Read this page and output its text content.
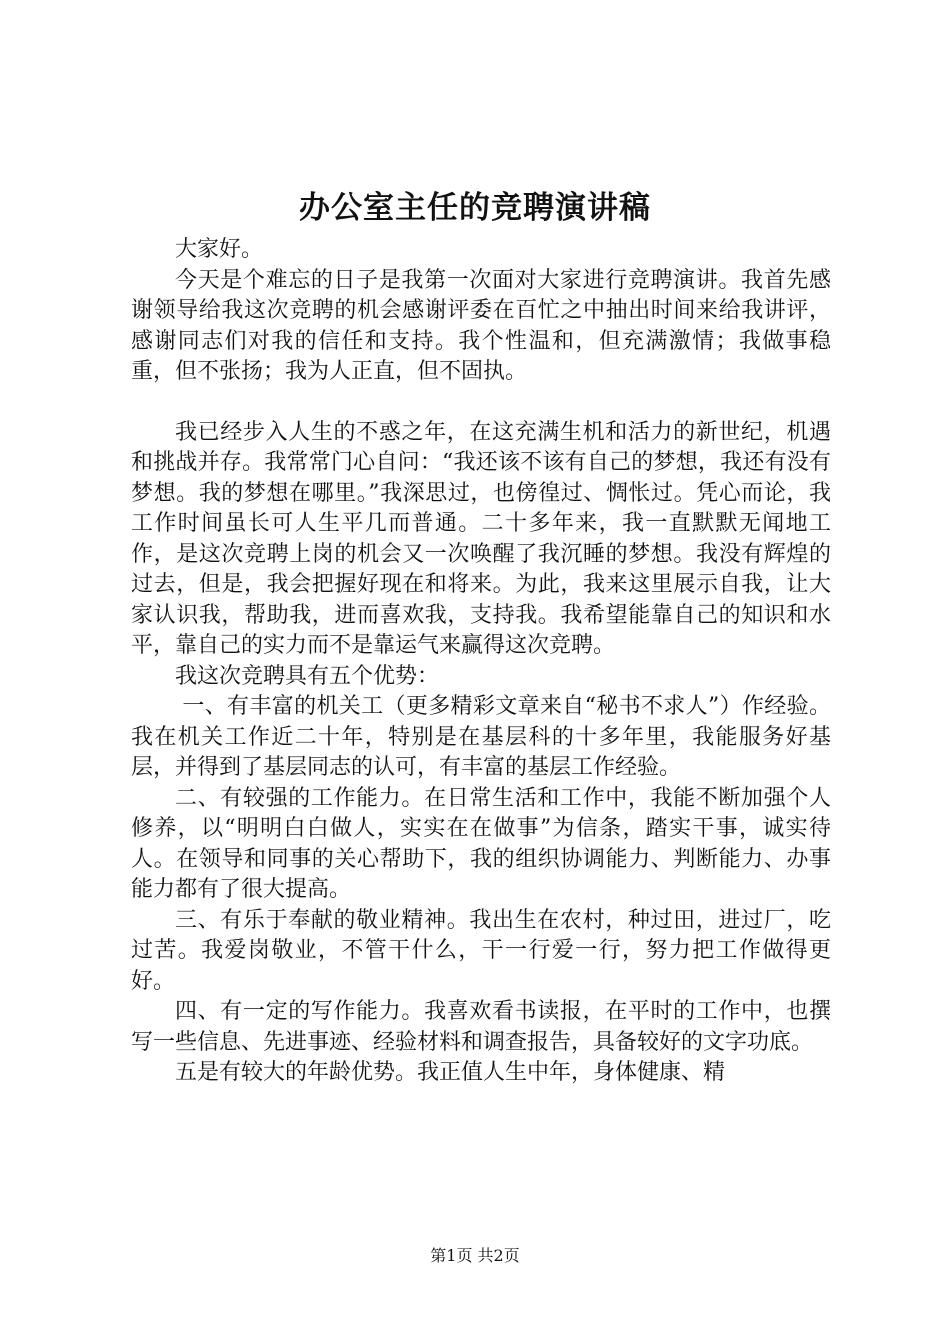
办公室主任的竞聘演讲稿

大家好。

今天是个难忘的日子是我第一次面对大家进行竞聘演讲。我首先感谢领导给我这次竞聘的机会感谢评委在百忙之中抽出时间来给我讲评，感谢同志们对我的信任和支持。我个性温和，但充满激情；我做事稳重，但不张扬；我为人正直，但不固执。

我已经步入人生的不惑之年，在这充满生机和活力的新世纪，机遇和挑战并存。我常常门心自问：“我还该不该有自己的梦想，我还有没有梦想。我的梦想在哪里。”我深思过，也傍徨过、惆怅过。凭心而论，我工作时间虽长可人生平几而普通。二十多年来，我一直默默无闻地工作，是这次竞聘上岗的机会又一次唤醒了我沉睡的梦想。我没有辉煌的过去，但是，我会把握好现在和将来。为此，我来这里展示自我，让大家认识我，帮助我，进而喜欢我，支持我。我希望能靠自己的知识和水平，靠自己的实力而不是靠运气来赢得这次竞聘。

我这次竞聘具有五个优势：

一、有丰富的机关工（更多精彩文章来自“秘书不求人”）作经验。我在机关工作近二十年，特别是在基层科的十多年里，我能服务好基层，并得到了基层同志的认可，有丰富的基层工作经验。

二、有较强的工作能力。在日常生活和工作中，我能不断加强个人修养，以“明明白白做人，实实在在做事”为信条，踏实干事，诚实待人。在领导和同事的关心帮助下，我的组织协调能力、判断能力、办事能力都有了很大提高。

三、有乐于奉献的敬业精神。我出生在农村，种过田，进过厂，吃过苦。我爱岗敬业，不管干什么，干一行爱一行，努力把工作做得更好。

四、有一定的写作能力。我喜欢看书读报，在平时的工作中，也撰写一些信息、先进事迹、经验材料和调查报告，具备较好的文字功底。

五是有较大的年龄优势。我正值人生中年，身体健康、精

第1页 共2页
